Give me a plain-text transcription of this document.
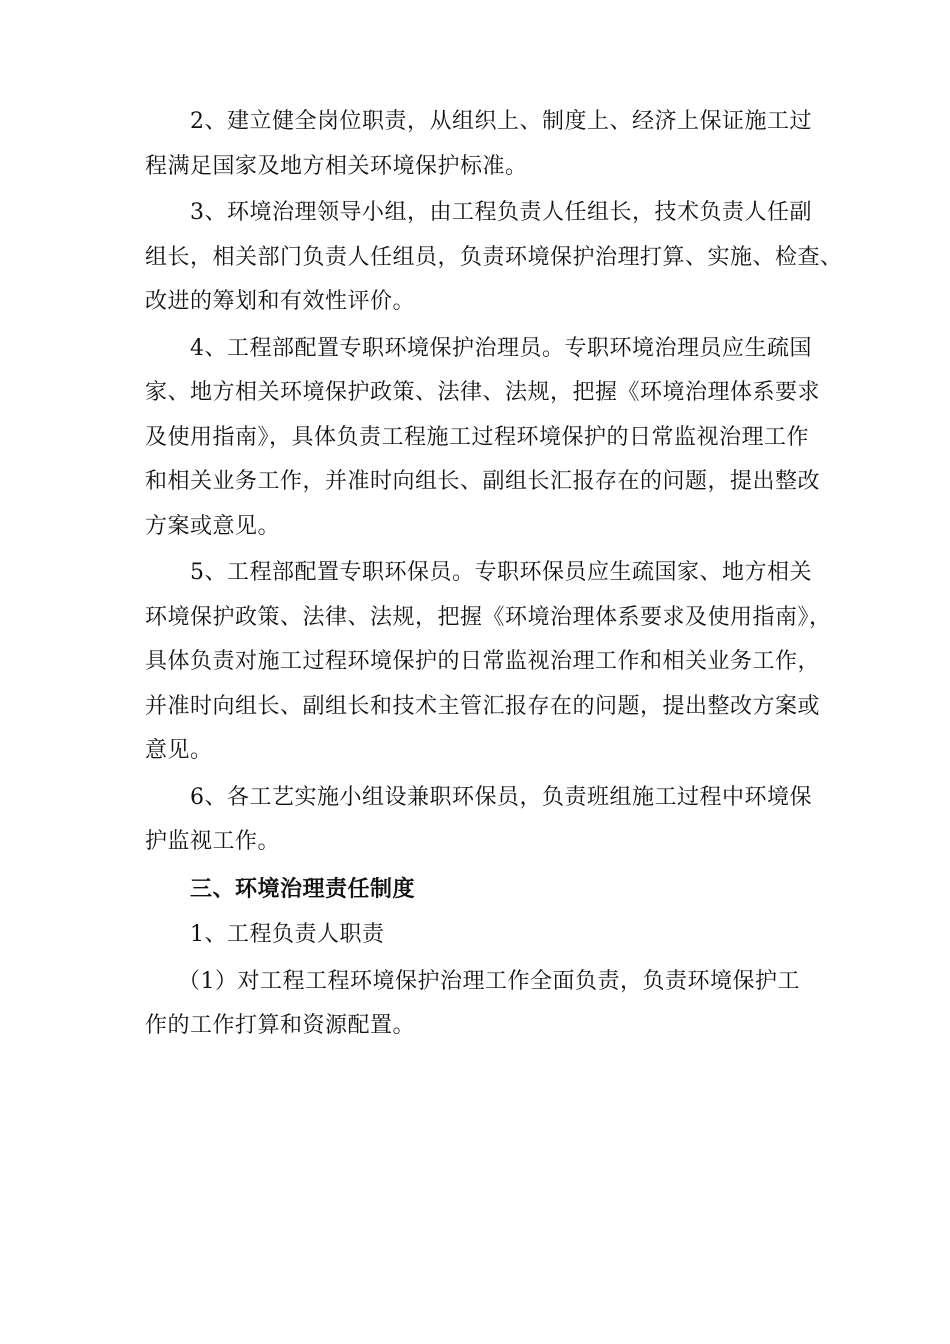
2、建立健全岗位职责，从组织上、制度上、经济上保证施工过
程满足国家及地方相关环境保护标准。

3、环境治理领导小组，由工程负责人任组长，技术负责人任副
组长，相关部门负责人任组员，负责环境保护治理打算、实施、检查、
改进的筹划和有效性评价。

4、工程部配置专职环境保护治理员。专职环境治理员应生疏国
家、地方相关环境保护政策、法律、法规，把握《环境治理体系要求
及使用指南》，具体负责工程施工过程环境保护的日常监视治理工作
和相关业务工作，并准时向组长、副组长汇报存在的问题，提出整改
方案或意见。

5、工程部配置专职环保员。专职环保员应生疏国家、地方相关
环境保护政策、法律、法规，把握《环境治理体系要求及使用指南》，
具体负责对施工过程环境保护的日常监视治理工作和相关业务工作，
并准时向组长、副组长和技术主管汇报存在的问题，提出整改方案或
意见。

6、各工艺实施小组设兼职环保员，负责班组施工过程中环境保
护监视工作。

三、环境治理责任制度

1、工程负责人职责

（1）对工程工程环境保护治理工作全面负责，负责环境保护工
作的工作打算和资源配置。
